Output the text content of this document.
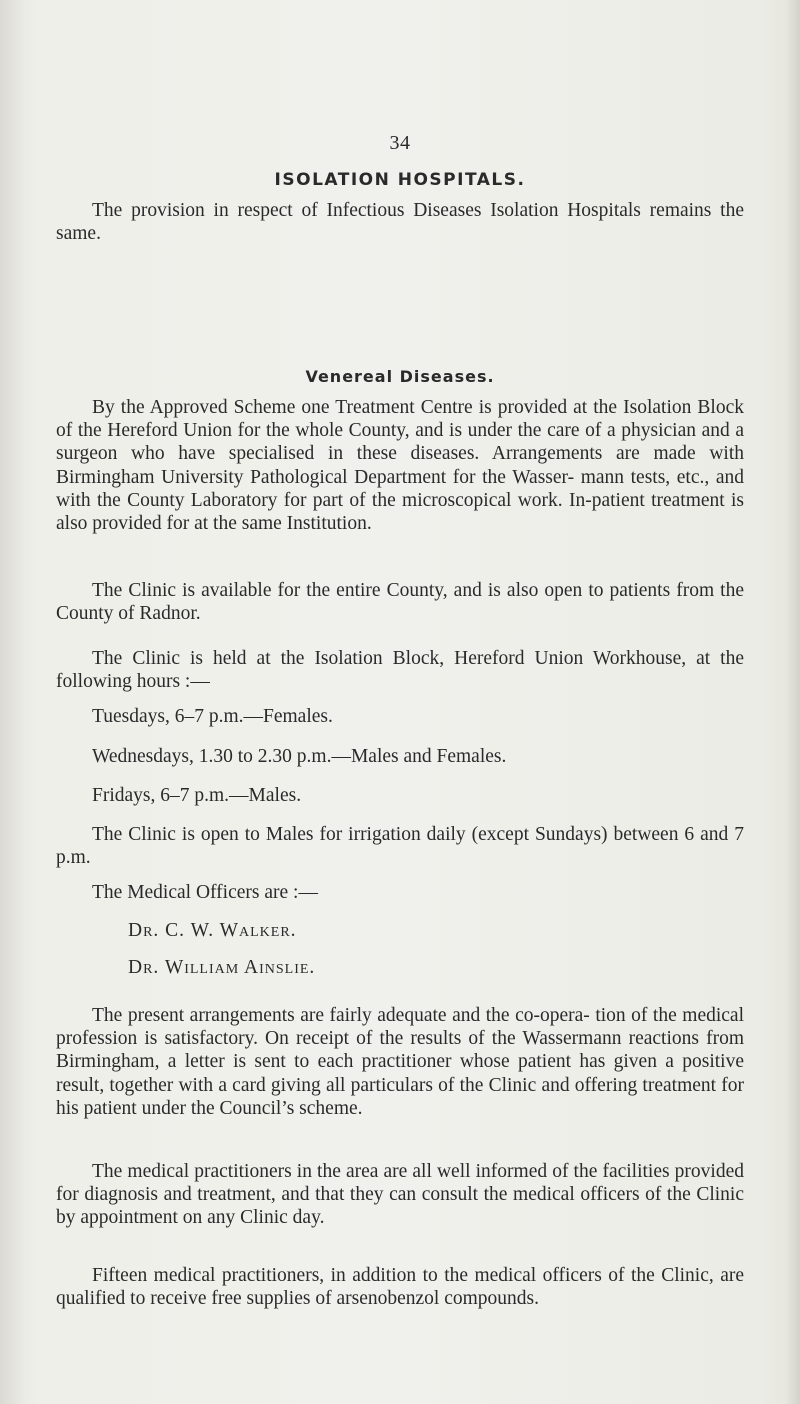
34
ISOLATION HOSPITALS.

The provision in respect of Infectious Diseases Isolation Hospitals remains the same.

Venereal Diseases.

By the Approved Scheme one Treatment Centre is provided at the Isolation Block of the Hereford Union for the whole County, and is under the care of a physician and a surgeon who have specialised in these diseases. Arrangements are made with Birmingham University Pathological Department for the Wasser- mann tests, etc., and with the County Laboratory for part of the microscopical work. In-patient treatment is also provided for at the same Institution.

The Clinic is available for the entire County, and is also open to patients from the County of Radnor.

The Clinic is held at the Isolation Block, Hereford Union Workhouse, at the following hours :—

Tuesdays, 6–7 p.m.—Females.

Wednesdays, 1.30 to 2.30 p.m.—Males and Females.

Fridays, 6–7 p.m.—Males.

The Clinic is open to Males for irrigation daily (except Sundays) between 6 and 7 p.m.

The Medical Officers are :—

Dr. C. W. Walker.

Dr. William Ainslie.

The present arrangements are fairly adequate and the co-opera- tion of the medical profession is satisfactory. On receipt of the results of the Wassermann reactions from Birmingham, a letter is sent to each practitioner whose patient has given a positive result, together with a card giving all particulars of the Clinic and offering treatment for his patient under the Council’s scheme.

The medical practitioners in the area are all well informed of the facilities provided for diagnosis and treatment, and that they can consult the medical officers of the Clinic by appointment on any Clinic day.

Fifteen medical practitioners, in addition to the medical officers of the Clinic, are qualified to receive free supplies of arsenobenzol compounds.
